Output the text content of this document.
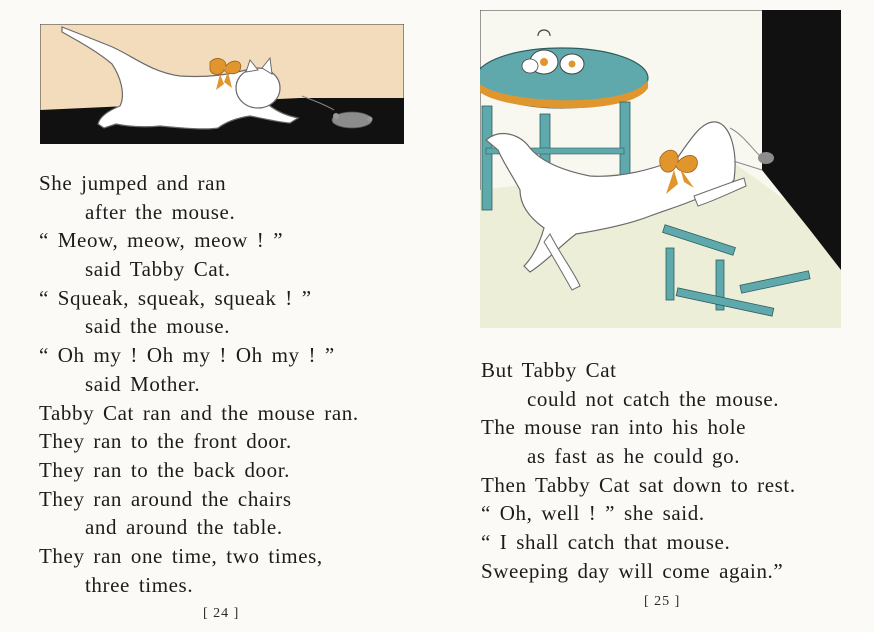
She jumped and ran
after the mouse.
“ Meow, meow, meow ! ”
said Tabby Cat.
“ Squeak, squeak, squeak ! ”
said the mouse.
“ Oh my ! Oh my ! Oh my ! ”
said Mother.
Tabby Cat ran and the mouse ran.
They ran to the front door.
They ran to the back door.
They ran around the chairs
and around the table.
They ran one time, two times,
three times.
[ 24 ]
But Tabby Cat
could not catch the mouse.
The mouse ran into his hole
as fast as he could go.
Then Tabby Cat sat down to rest.
“ Oh, well ! ” she said.
“ I shall catch that mouse.
Sweeping day will come again.”
[ 25 ]
